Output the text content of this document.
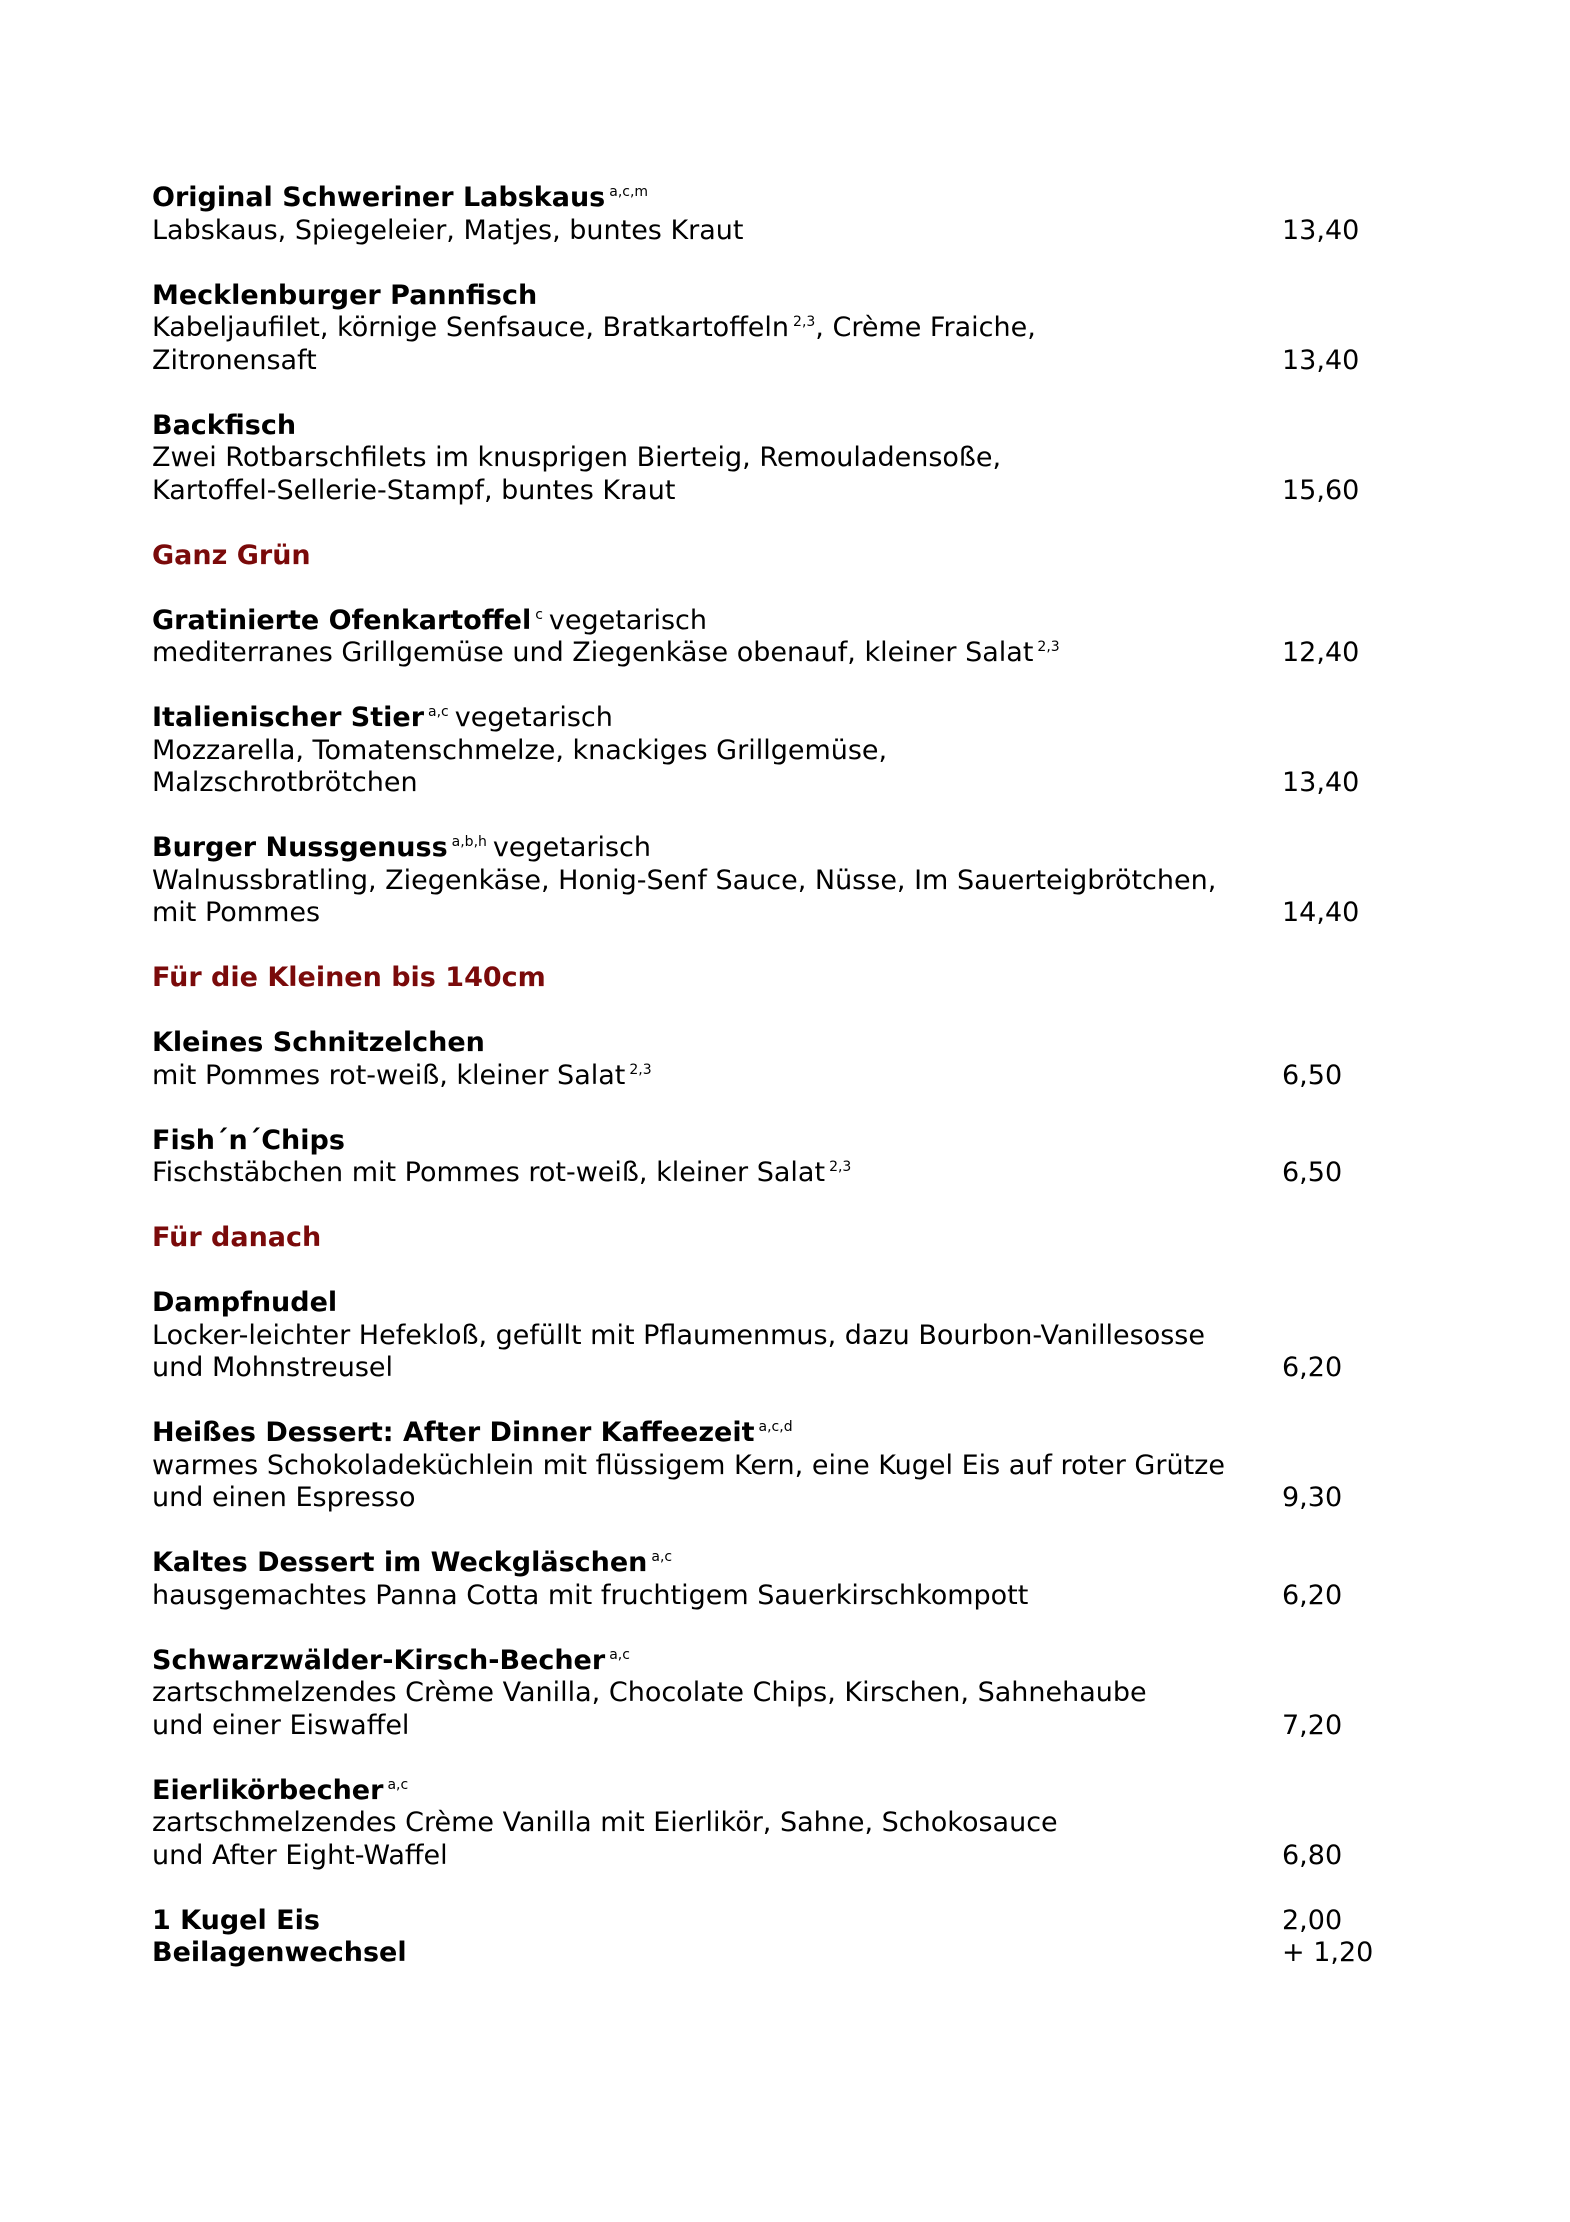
Original Schweriner Labskaus $^{a,c,m}$
Labskaus, Spiegeleier, Matjes, buntes Kraut	13,40
Mecklenburger Pannfisch
Kabeljaufilet, körnige Senfsauce, Bratkartoffeln $^{2,3}$, Crème Fraiche,
Zitronensaft	13,40
Backfisch
Zwei Rotbarschfilets im knusprigen Bierteig, Remouladensoße,
Kartoffel-Sellerie-Stampf, buntes Kraut	15,60
Ganz Grün
Gratinierte Ofenkartoffel $^c$ vegetarisch
mediterranes Grillgemüse und Ziegenkäse obenauf, kleiner Salat $^{2,3}$	12,40
Italienischer Stier $^{a,c}$ vegetarisch
Mozzarella, Tomatenschmelze, knackiges Grillgemüse,
Malzschrotbrötchen	13,40
Burger Nussgenuss $^{a,b,h}$ vegetarisch
Walnussbratling, Ziegenkäse, Honig-Senf Sauce, Nüsse, Im Sauerteigbrötchen,
mit Pommes	14,40
Für die Kleinen bis 140cm
Kleines Schnitzelchen
mit Pommes rot-weiß, kleiner Salat $^{2,3}$	6,50
Fish´n´Chips
Fischstäbchen mit Pommes rot-weiß, kleiner Salat $^{2,3}$	6,50
Für danach
Dampfnudel
Locker-leichter Hefekloß, gefüllt mit Pflaumenmus, dazu Bourbon-Vanillesosse
und Mohnstreusel	6,20
Heißes Dessert: After Dinner Kaffeezeit $^{a,c,d}$
warmes Schokoladeküchlein mit flüssigem Kern, eine Kugel Eis auf roter Grütze
und einen Espresso	9,30
Kaltes Dessert im Weckgläschen $^{a,c}$
hausgemachtes Panna Cotta mit fruchtigem Sauerkirschkompott	6,20
Schwarzwälder-Kirsch-Becher $^{a,c}$
zartschmelzendes Crème Vanilla, Chocolate Chips, Kirschen, Sahnehaube
und einer Eiswaffel	7,20
Eierlikörbecher $^{a,c}$
zartschmelzendes Crème Vanilla mit Eierlikör, Sahne, Schokosauce
und After Eight-Waffel	6,80
1 Kugel Eis	2,00
Beilagenwechsel	+ 1,20
